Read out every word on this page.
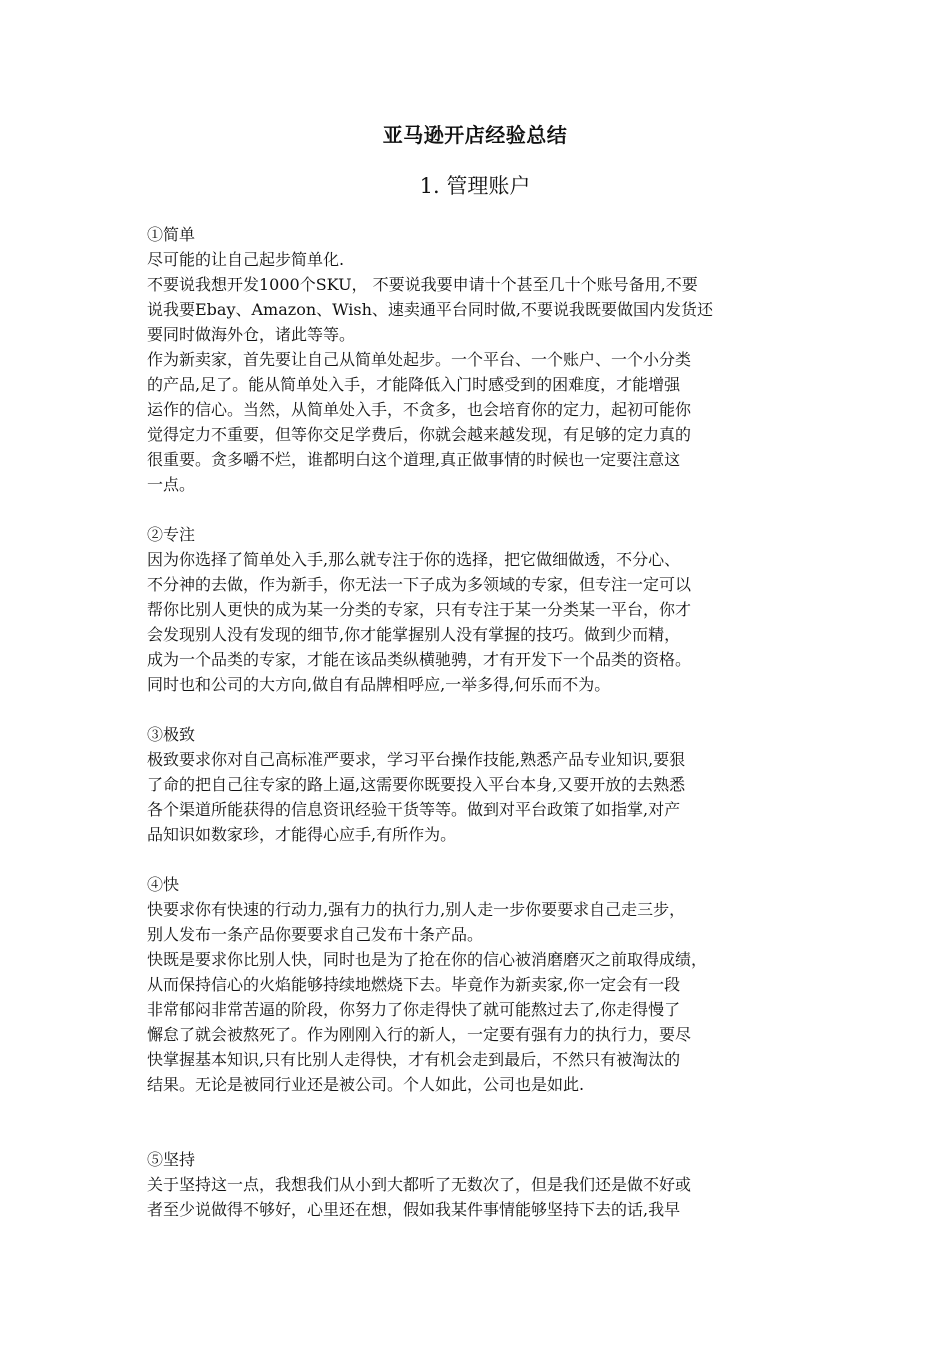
亚马逊开店经验总结
1. 管理账户
①简单
尽可能的让自己起步简单化.
不要说我想开发1000个SKU， 不要说我要申请十个甚至几十个账号备用,不要
说我要Ebay、Amazon、Wish、速卖通平台同时做,不要说我既要做国内发货还
要同时做海外仓，诸此等等。
作为新卖家，首先要让自己从简单处起步。一个平台、一个账户、一个小分类
的产品,足了。能从简单处入手，才能降低入门时感受到的困难度，才能增强
运作的信心。当然，从简单处入手，不贪多，也会培育你的定力，起初可能你
觉得定力不重要，但等你交足学费后，你就会越来越发现，有足够的定力真的
很重要。贪多嚼不烂，谁都明白这个道理,真正做事情的时候也一定要注意这
一点。
②专注
因为你选择了简单处入手,那么就专注于你的选择，把它做细做透，不分心、
不分神的去做，作为新手，你无法一下子成为多领域的专家，但专注一定可以
帮你比别人更快的成为某一分类的专家，只有专注于某一分类某一平台，你才
会发现别人没有发现的细节,你才能掌握别人没有掌握的技巧。做到少而精，
成为一个品类的专家，才能在该品类纵横驰骋，才有开发下一个品类的资格。
同时也和公司的大方向,做自有品牌相呼应,一举多得,何乐而不为。
③极致
极致要求你对自己高标准严要求，学习平台操作技能,熟悉产品专业知识,要狠
了命的把自己往专家的路上逼,这需要你既要投入平台本身,又要开放的去熟悉
各个渠道所能获得的信息资讯经验干货等等。做到对平台政策了如指掌,对产
品知识如数家珍，才能得心应手,有所作为。
④快
快要求你有快速的行动力,强有力的执行力,别人走一步你要要求自己走三步，
别人发布一条产品你要要求自己发布十条产品。
快既是要求你比别人快，同时也是为了抢在你的信心被消磨磨灭之前取得成绩，
从而保持信心的火焰能够持续地燃烧下去。毕竟作为新卖家,你一定会有一段
非常郁闷非常苦逼的阶段，你努力了你走得快了就可能熬过去了,你走得慢了
懈怠了就会被熬死了。作为刚刚入行的新人，一定要有强有力的执行力，要尽
快掌握基本知识,只有比别人走得快，才有机会走到最后，不然只有被淘汰的
结果。无论是被同行业还是被公司。个人如此，公司也是如此.
⑤坚持
关于坚持这一点，我想我们从小到大都听了无数次了，但是我们还是做不好或
者至少说做得不够好，心里还在想，假如我某件事情能够坚持下去的话,我早
